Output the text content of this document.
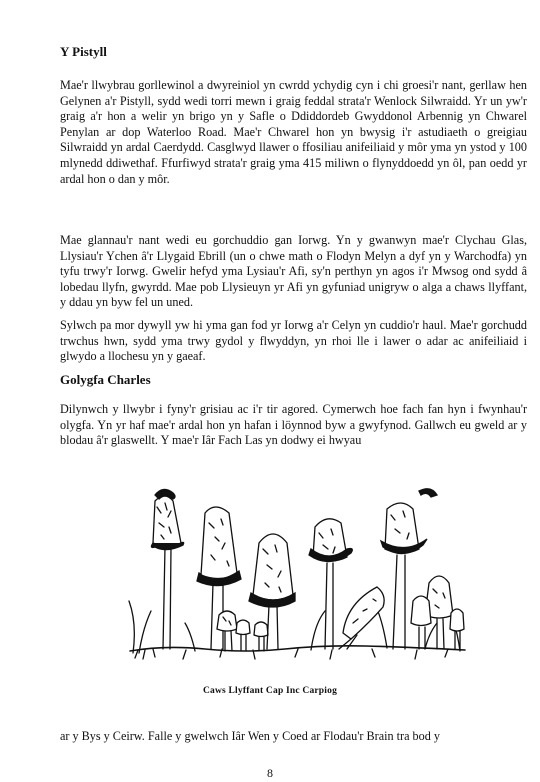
Y Pistyll

Mae'r llwybrau gorllewinol a dwyreiniol yn cwrdd ychydig cyn i chi groesi'r nant, gerllaw hen Gelynen a'r Pistyll, sydd wedi torri mewn i graig feddal strata'r Wenlock Silwraidd. Yr un yw'r graig a'r hon a welir yn brigo yn y Safle o Ddiddordeb Gwyddonol Arbennig yn Chwarel Penylan ar dop Waterloo Road. Mae'r Chwarel hon yn bwysig i'r astudiaeth o greigiau Silwraidd yn ardal Caerdydd. Casglwyd llawer o ffosiliau anifeiliaid y môr yma yn ystod y 100 mlynedd ddiwethaf. Ffurfiwyd strata'r graig yma 415 miliwn o flynyddoedd yn ôl, pan oedd yr ardal hon o dan y môr.

Mae glannau'r nant wedi eu gorchuddio gan Iorwg. Yn y gwanwyn mae'r Clychau Glas, Llysiau'r Ychen â'r Llygaid Ebrill (un o chwe math o Flodyn Melyn a dyf yn y Warchodfa) yn tyfu trwy'r Iorwg. Gwelir hefyd yma Lysiau'r Afi, sy'n perthyn yn agos i'r Mwsog ond sydd â lobedau llyfn, gwyrdd. Mae pob Llysieuyn yr Afi yn gyfuniad unigryw o alga a chaws llyffant, y ddau yn byw fel un uned.

Sylwch pa mor dywyll yw hi yma gan fod yr Iorwg a'r Celyn yn cuddio'r haul. Mae'r gorchudd trwchus hwn, sydd yma trwy gydol y flwyddyn, yn rhoi lle i lawer o adar ac anifeiliaid i glwydo a llochesu yn y gaeaf.

Golygfa Charles

Dilynwch y llwybr i fyny'r grisiau ac i'r tir agored. Cymerwch hoe fach fan hyn i fwynhau'r olygfa. Yn yr haf mae'r ardal hon yn hafan i löynnod byw a gwyfynod. Gallwch eu gweld ar y blodau â'r glaswellt. Y mae'r Iâr Fach Las yn dodwy ei hwyau

Caws Llyffant Cap Inc Carpiog

ar y Bys y Ceirw. Falle y gwelwch Iâr Wen y Coed ar Flodau'r Brain tra bod y

8
